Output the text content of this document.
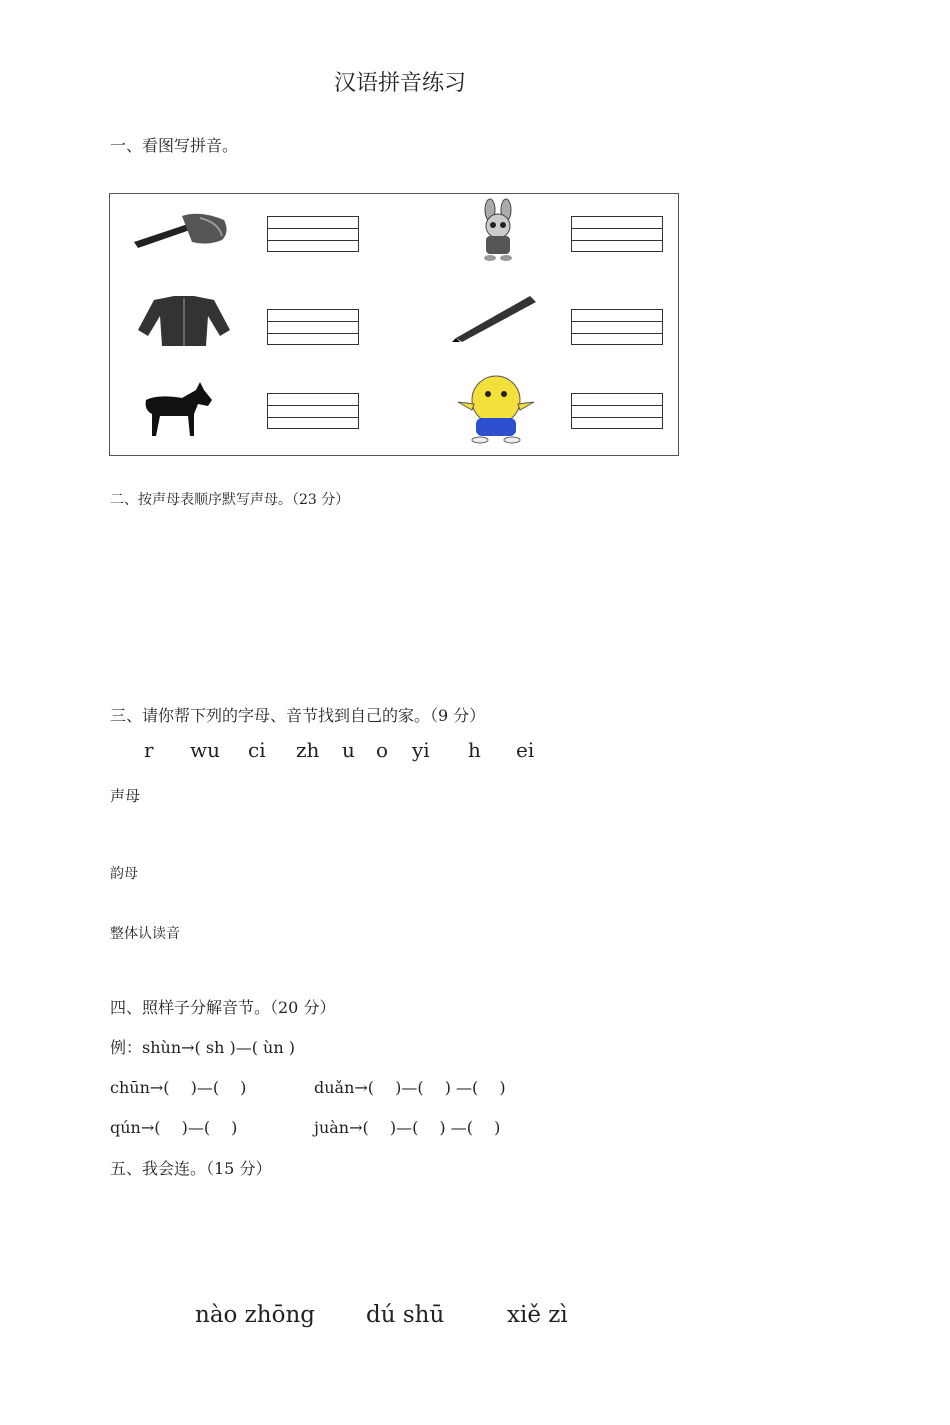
汉语拼音练习
一、看图写拼音。
二、按声母表顺序默写声母。（23 分）
三、请你帮下列的字母、音节找到自己的家。（9 分）
r wu ci zh u o yi h ei
声母
韵母
整体认读音
四、照样子分解音节。（20 分）
例：shùn→( sh )—( ùn )
chūn→(　 )—(　 )	duǎn→(　 )—(　 ) —(　 )
qún→(　 )—(　 )	juàn→(　 )—(　 ) —(　 )
五、我会连。（15 分）
nào zhōng dú shū	xiě zì
